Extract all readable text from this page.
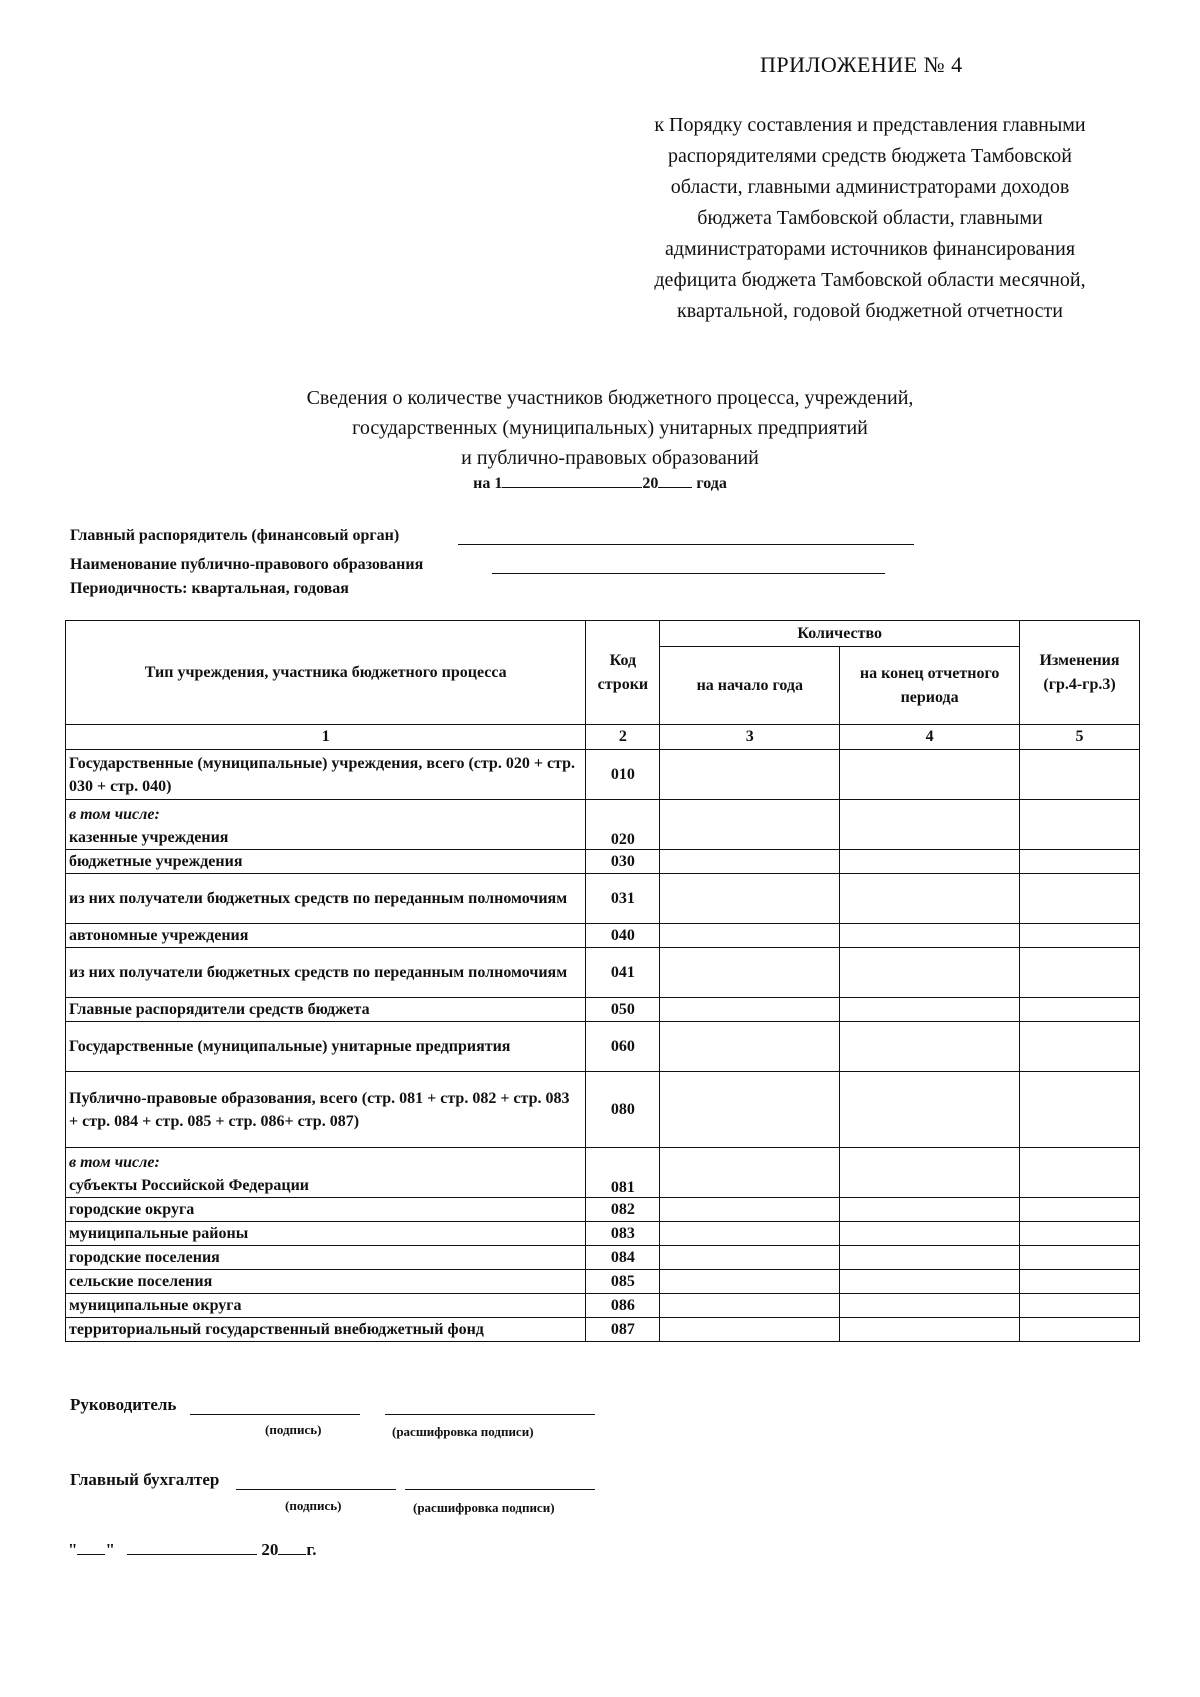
ПРИЛОЖЕНИЕ № 4
к Порядку составления и представления главными
распорядителями средств бюджета Тамбовской
области, главными администраторами доходов
бюджета Тамбовской области, главными
администраторами источников финансирования
дефицита бюджета Тамбовской области месячной,
квартальной, годовой бюджетной отчетности
Сведения о количестве участников бюджетного процесса, учреждений,
государственных (муниципальных) унитарных предприятий
и публично-правовых образований
на 1	20 года
Главный распорядитель (финансовый орган)
Наименование публично-правового образования
Периодичность: квартальная, годовая
Тип учреждения, участника бюджетного процесса	Код строки	Количество		Изменения (гр.4-гр.3)
		на начало года	на конец отчетного периода	
1	2	3	4	5
Государственные (муниципальные) учреждения, всего (стр. 020 + стр. 030 + стр. 040)	010			

в том числе:
казенные учреждения	020			
бюджетные учреждения	030			
из них получатели бюджетных средств по переданным полномочиям	031			
автономные учреждения	040			
из них получатели бюджетных средств по переданным полномочиям	041			
Главные распорядители средств бюджета	050			
Государственные (муниципальные) унитарные предприятия	060			
Публично-правовые образования, всего (стр. 081 + стр. 082 + стр. 083 + стр. 084 + стр. 085 + стр. 086+ стр. 087)	080			

в том числе:
субъекты Российской Федерации	081			
городские округа	082			
муниципальные районы	083			
городские поселения	084			
сельские поселения	085			
муниципальные округа	086			
территориальный государственный внебюджетный фонд	087			
Руководитель
(подпись)	(расшифровка подписи)
Главный бухгалтер
(подпись)	(расшифровка подписи)
" "	20 г.
